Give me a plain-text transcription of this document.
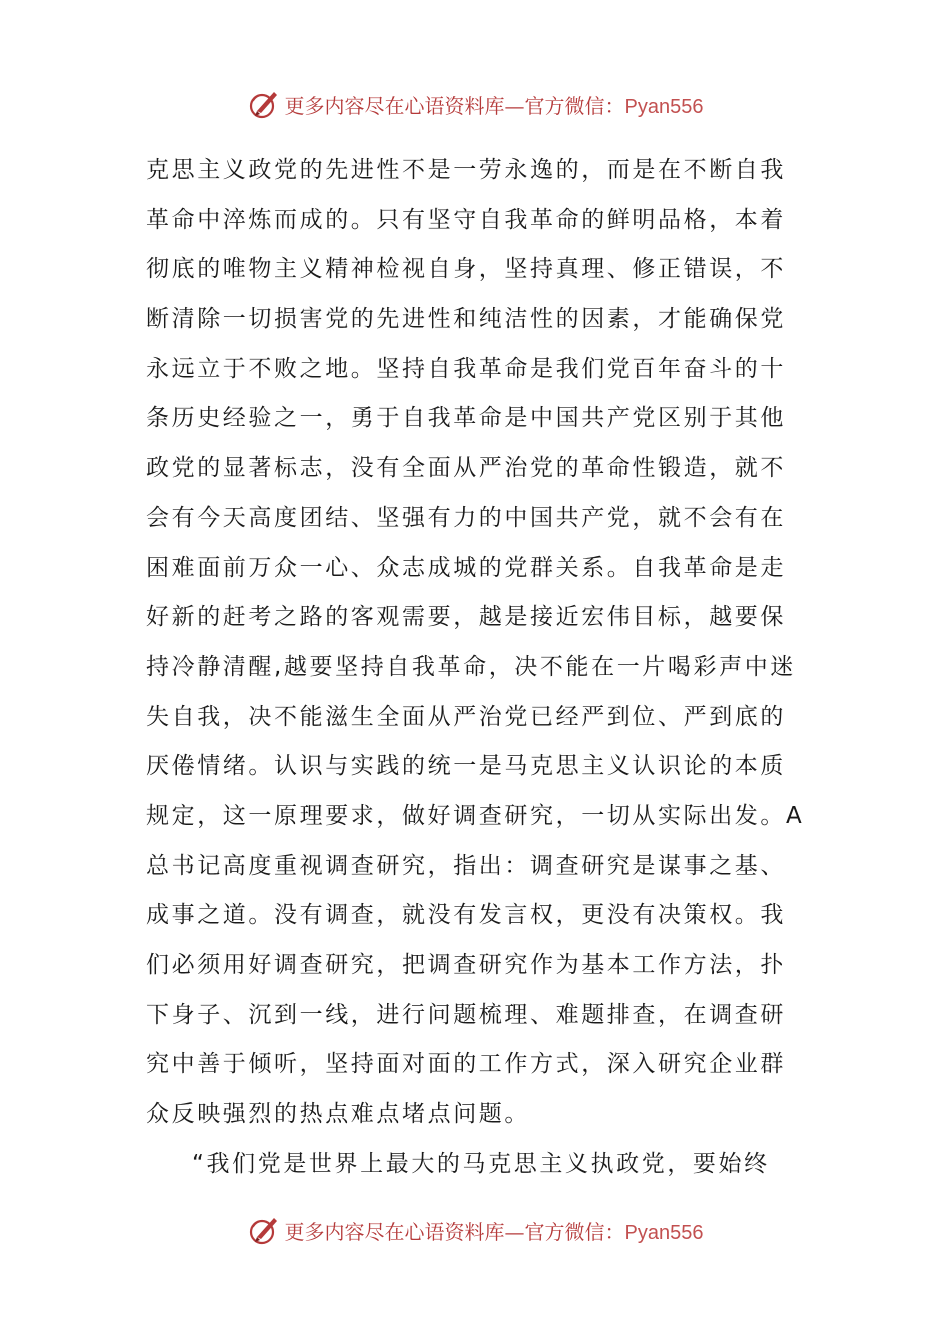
更多内容尽在心语资料库—官方微信：Pyan556
克思主义政党的先进性不是一劳永逸的，而是在不断自我
革命中淬炼而成的。只有坚守自我革命的鲜明品格，本着
彻底的唯物主义精神检视自身，坚持真理、修正错误，不
断清除一切损害党的先进性和纯洁性的因素，才能确保党
永远立于不败之地。坚持自我革命是我们党百年奋斗的十
条历史经验之一，勇于自我革命是中国共产党区别于其他
政党的显著标志，没有全面从严治党的革命性锻造，就不
会有今天高度团结、坚强有力的中国共产党，就不会有在
困难面前万众一心、众志成城的党群关系。自我革命是走
好新的赶考之路的客观需要，越是接近宏伟目标，越要保
持冷静清醒,越要坚持自我革命，决不能在一片喝彩声中迷
失自我，决不能滋生全面从严治党已经严到位、严到底的
厌倦情绪。认识与实践的统一是马克思主义认识论的本质
规定，这一原理要求，做好调查研究，一切从实际出发。A
总书记高度重视调查研究，指出：调查研究是谋事之基、
成事之道。没有调查，就没有发言权，更没有决策权。我
们必须用好调查研究，把调查研究作为基本工作方法，扑
下身子、沉到一线，进行问题梳理、难题排查，在调查研
究中善于倾听，坚持面对面的工作方式，深入研究企业群
众反映强烈的热点难点堵点问题。
“我们党是世界上最大的马克思主义执政党，要始终
更多内容尽在心语资料库—官方微信：Pyan556
